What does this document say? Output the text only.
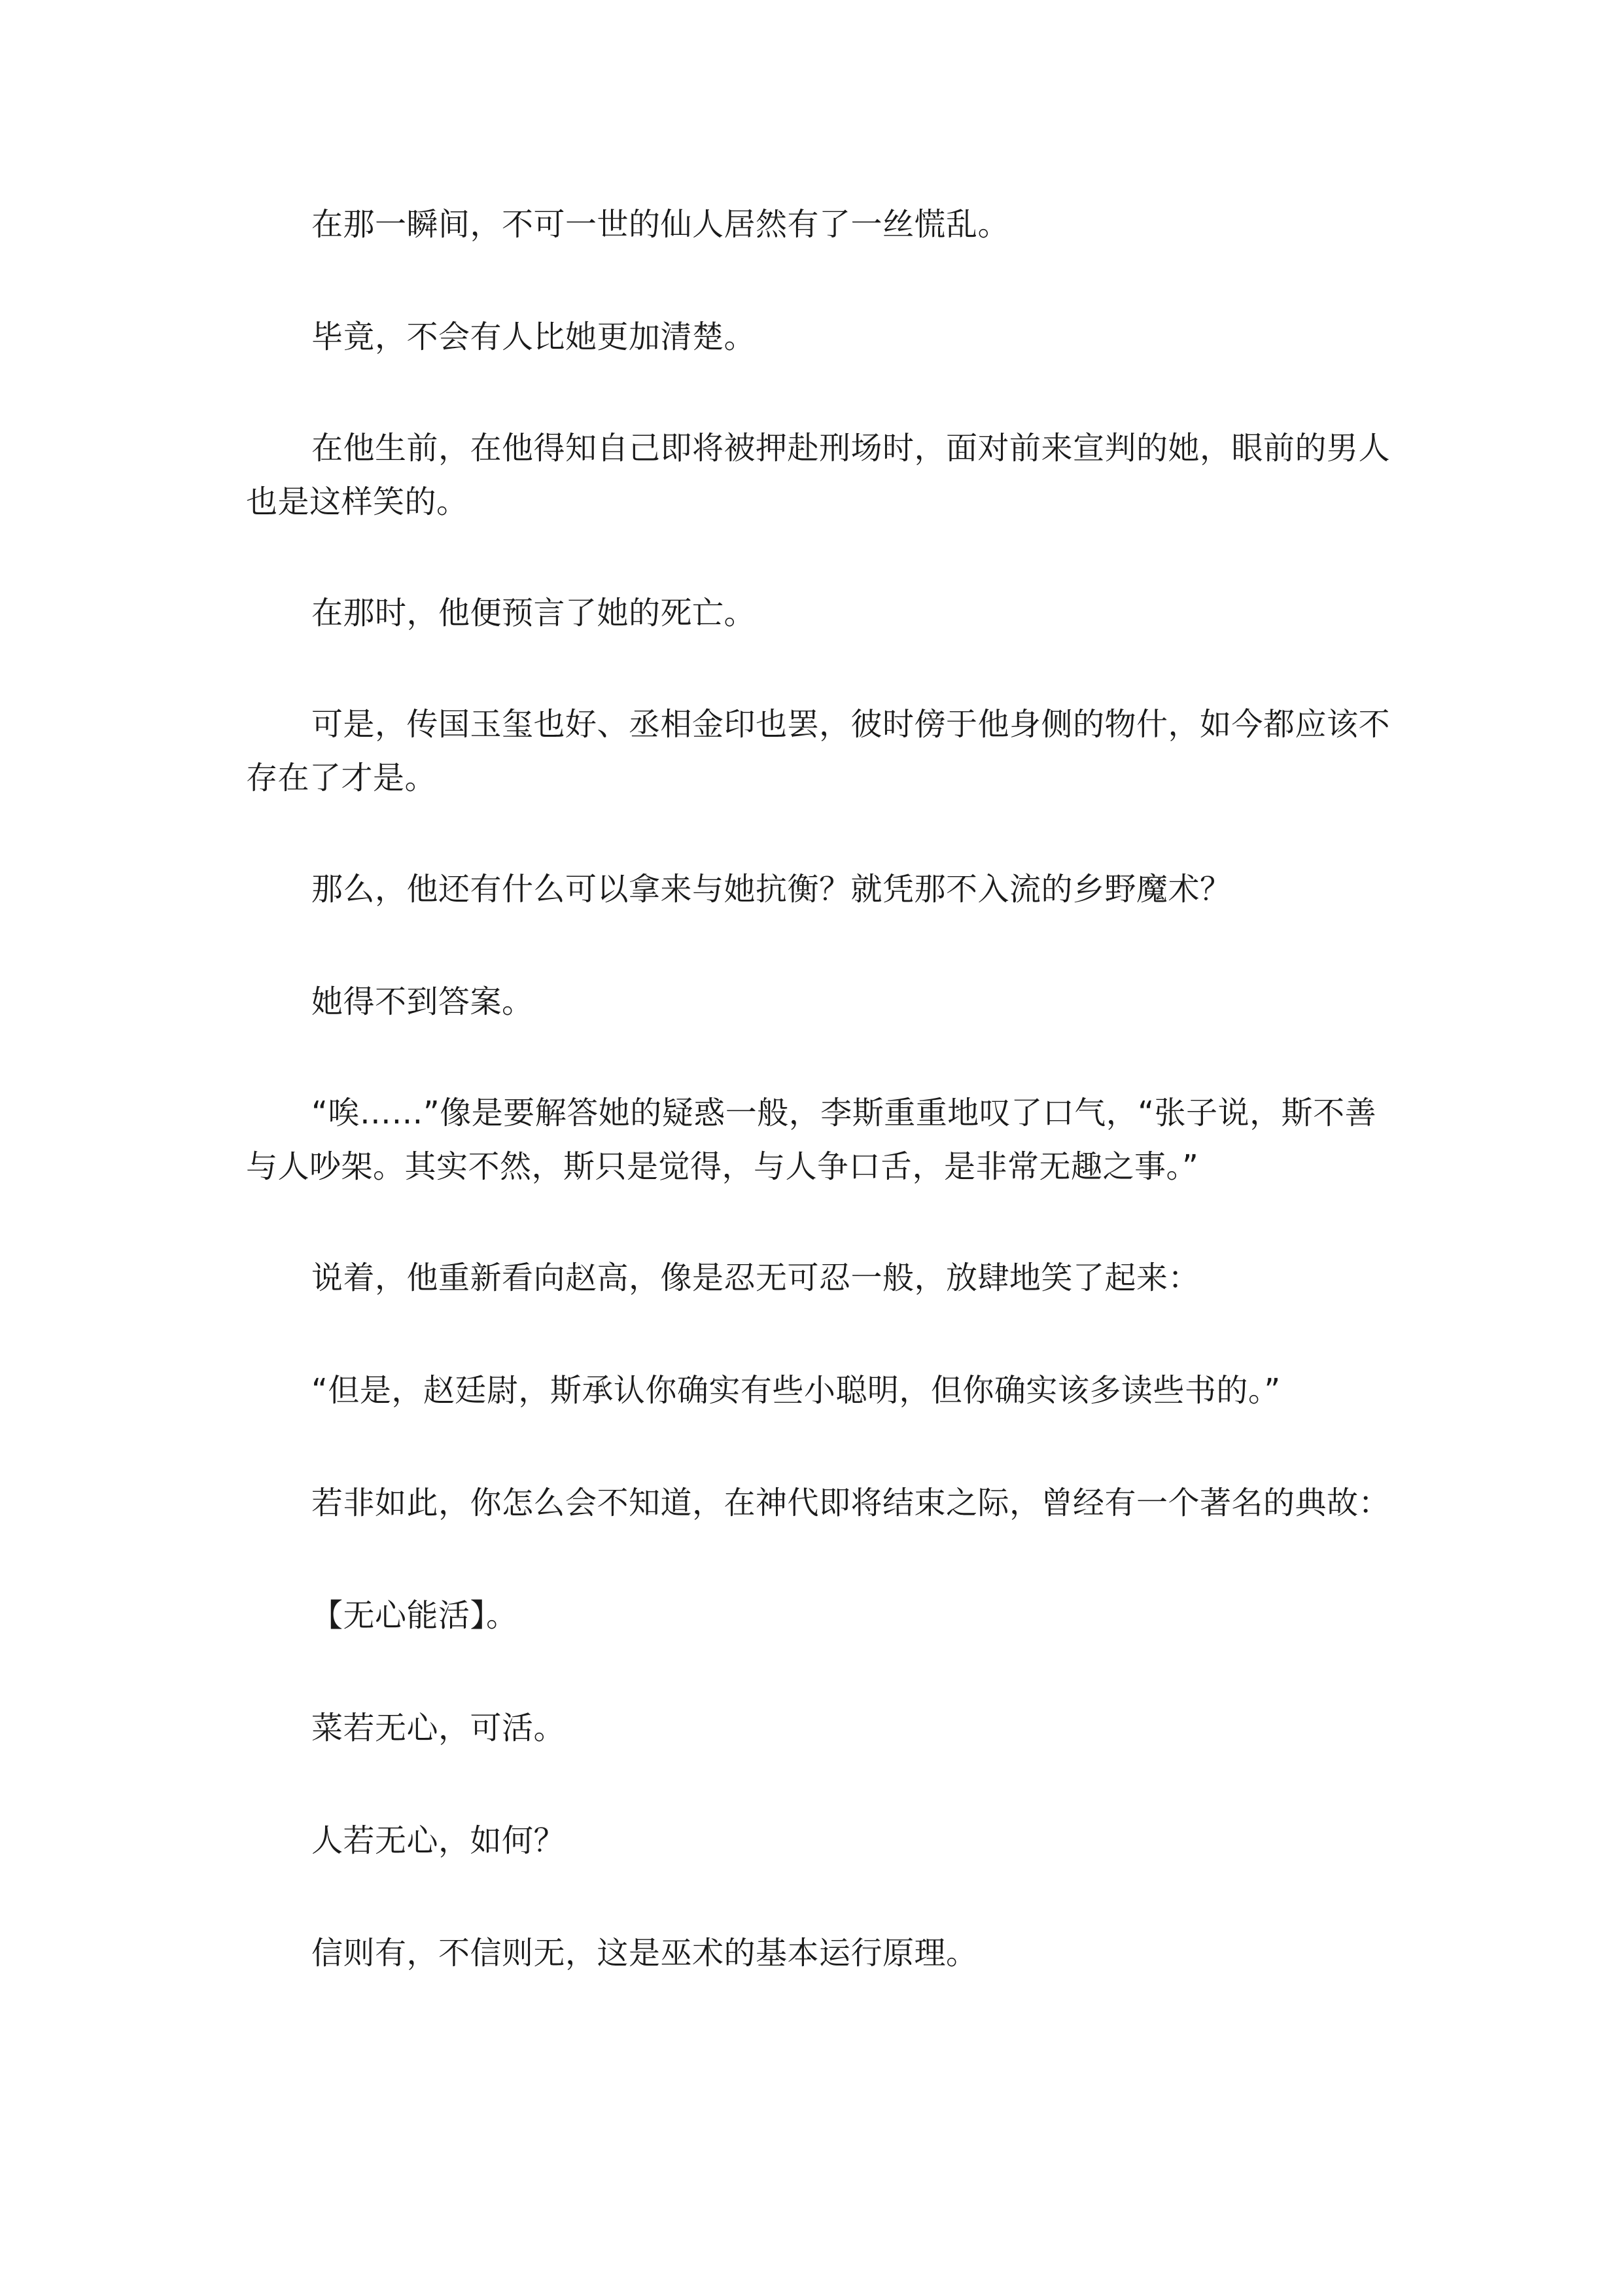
在那一瞬间，不可一世的仙人居然有了一丝慌乱。

毕竟，不会有人比她更加清楚。

在他生前，在他得知自己即将被押赴刑场时，面对前来宣判的她，眼前的男人也是这样笑的。

在那时，他便预言了她的死亡。

可是，传国玉玺也好、丞相金印也罢，彼时傍于他身侧的物什，如今都应该不存在了才是。

那么，他还有什么可以拿来与她抗衡？就凭那不入流的乡野魔术？

她得不到答案。

“唉……”像是要解答她的疑惑一般，李斯重重地叹了口气，“张子说，斯不善与人吵架。其实不然，斯只是觉得，与人争口舌，是非常无趣之事。”

说着，他重新看向赵高，像是忍无可忍一般，放肆地笑了起来：

“但是，赵廷尉，斯承认你确实有些小聪明，但你确实该多读些书的。”

若非如此，你怎么会不知道，在神代即将结束之际，曾经有一个著名的典故：

【无心能活】。

菜若无心，可活。

人若无心，如何？

信则有，不信则无，这是巫术的基本运行原理。
